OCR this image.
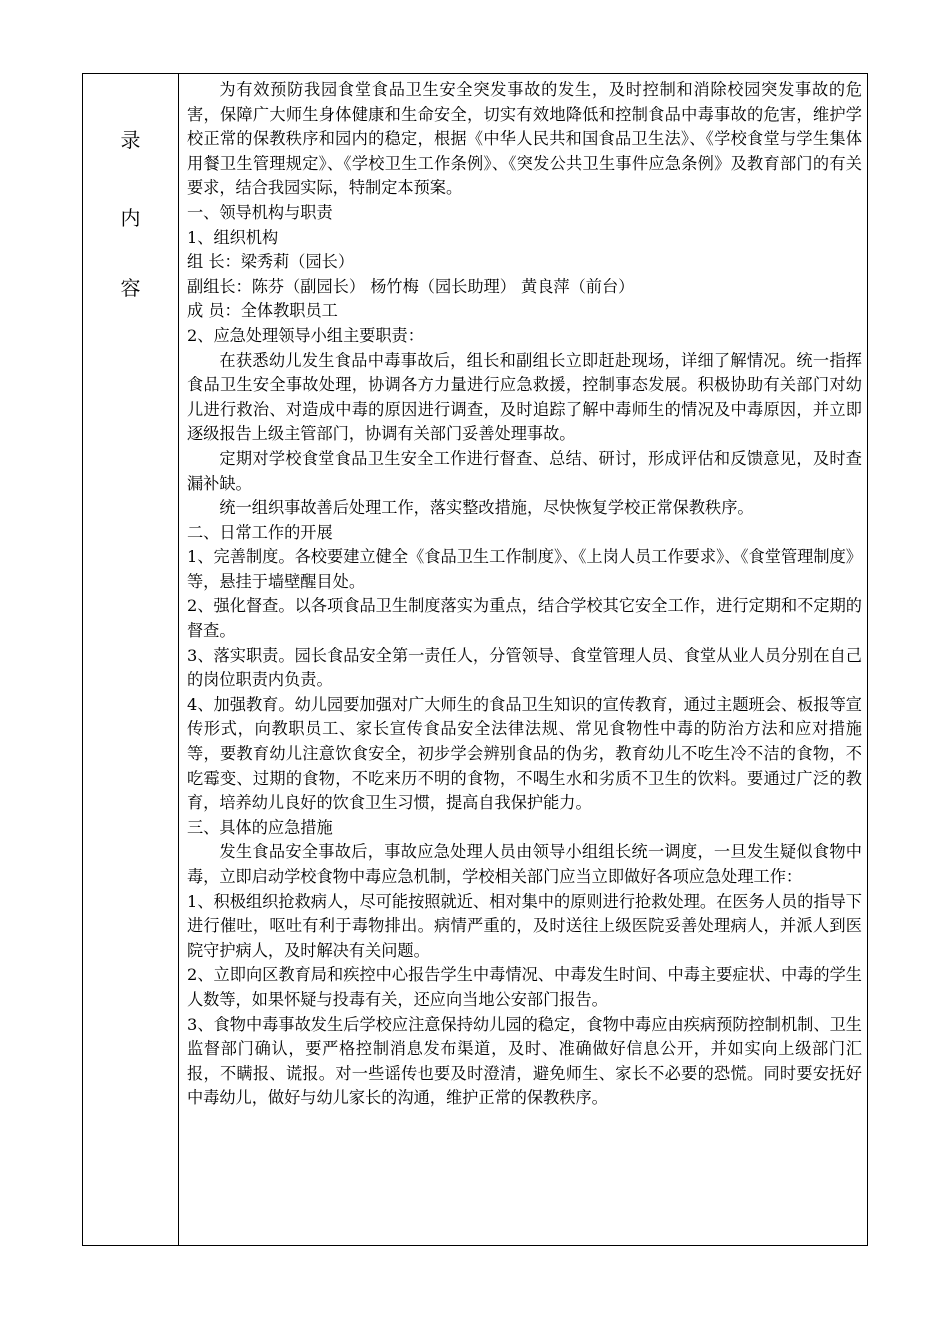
录
内
容

为有效预防我园食堂食品卫生安全突发事故的发生，及时控制和消除校园突发事故的危害，保障广大师生身体健康和生命安全，切实有效地降低和控制食品中毒事故的危害，维护学校正常的保教秩序和园内的稳定，根据《中华人民共和国食品卫生法》、《学校食堂与学生集体用餐卫生管理规定》、《学校卫生工作条例》、《突发公共卫生事件应急条例》及教育部门的有关要求，结合我园实际，特制定本预案。

一、领导机构与职责

1、组织机构

组 长：梁秀莉（园长）

副组长：陈芬（副园长） 杨竹梅（园长助理） 黄良萍（前台）

成 员：全体教职员工

2、应急处理领导小组主要职责：

在获悉幼儿发生食品中毒事故后，组长和副组长立即赶赴现场，详细了解情况。统一指挥食品卫生安全事故处理，协调各方力量进行应急救援，控制事态发展。积极协助有关部门对幼儿进行救治、对造成中毒的原因进行调查，及时追踪了解中毒师生的情况及中毒原因，并立即逐级报告上级主管部门，协调有关部门妥善处理事故。

定期对学校食堂食品卫生安全工作进行督查、总结、研讨，形成评估和反馈意见，及时查漏补缺。

统一组织事故善后处理工作，落实整改措施，尽快恢复学校正常保教秩序。

二、日常工作的开展

1、完善制度。各校要建立健全《食品卫生工作制度》、《上岗人员工作要求》、《食堂管理制度》等，悬挂于墙壁醒目处。

2、强化督查。以各项食品卫生制度落实为重点，结合学校其它安全工作，进行定期和不定期的督查。

3、落实职责。园长食品安全第一责任人，分管领导、食堂管理人员、食堂从业人员分别在自己的岗位职责内负责。

4、加强教育。幼儿园要加强对广大师生的食品卫生知识的宣传教育，通过主题班会、板报等宣传形式，向教职员工、家长宣传食品安全法律法规、常见食物性中毒的防治方法和应对措施等，要教育幼儿注意饮食安全，初步学会辨别食品的伪劣，教育幼儿不吃生冷不洁的食物，不吃霉变、过期的食物，不吃来历不明的食物，不喝生水和劣质不卫生的饮料。要通过广泛的教育，培养幼儿良好的饮食卫生习惯，提高自我保护能力。

三、具体的应急措施

发生食品安全事故后，事故应急处理人员由领导小组组长统一调度，一旦发生疑似食物中毒，立即启动学校食物中毒应急机制，学校相关部门应当立即做好各项应急处理工作：

1、积极组织抢救病人，尽可能按照就近、相对集中的原则进行抢救处理。在医务人员的指导下进行催吐，呕吐有利于毒物排出。病情严重的，及时送往上级医院妥善处理病人，并派人到医院守护病人，及时解决有关问题。

2、立即向区教育局和疾控中心报告学生中毒情况、中毒发生时间、中毒主要症状、中毒的学生人数等，如果怀疑与投毒有关，还应向当地公安部门报告。

3、食物中毒事故发生后学校应注意保持幼儿园的稳定，食物中毒应由疾病预防控制机制、卫生监督部门确认，要严格控制消息发布渠道，及时、准确做好信息公开，并如实向上级部门汇报，不瞒报、谎报。对一些谣传也要及时澄清，避免师生、家长不必要的恐慌。同时要安抚好中毒幼儿，做好与幼儿家长的沟通，维护正常的保教秩序。
